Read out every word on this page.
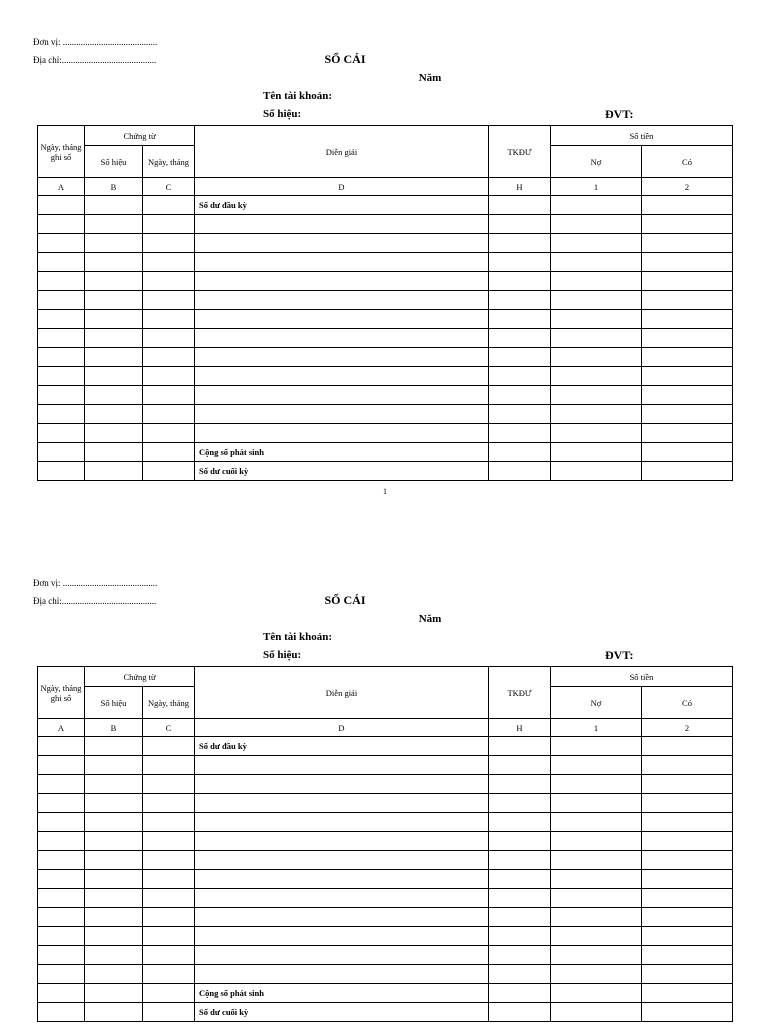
Đơn vị: ..........................................
Địa chỉ:..........................................	SỔ CÁI
Năm
Tên tài khoản:
Số hiệu:	ĐVT:
Ngày, tháng ghi sổ	Chứng từ		Diễn giải	TKĐƯ	Số tiền	
	Số hiệu	Ngày, tháng			Nợ	Có
A	B	C	D	H	1	2
			Số dư đầu kỳ			

			Cộng số phát sinh			
			Số dư cuối kỳ			
1
Đơn vị: ..........................................
Địa chỉ:..........................................	SỔ CÁI
Năm
Tên tài khoản:
Số hiệu:	ĐVT:
Ngày, tháng ghi sổ	Chứng từ		Diễn giải	TKĐƯ	Số tiền	
	Số hiệu	Ngày, tháng			Nợ	Có
A	B	C	D	H	1	2
			Số dư đầu kỳ			

			Cộng số phát sinh			
			Số dư cuối kỳ			
